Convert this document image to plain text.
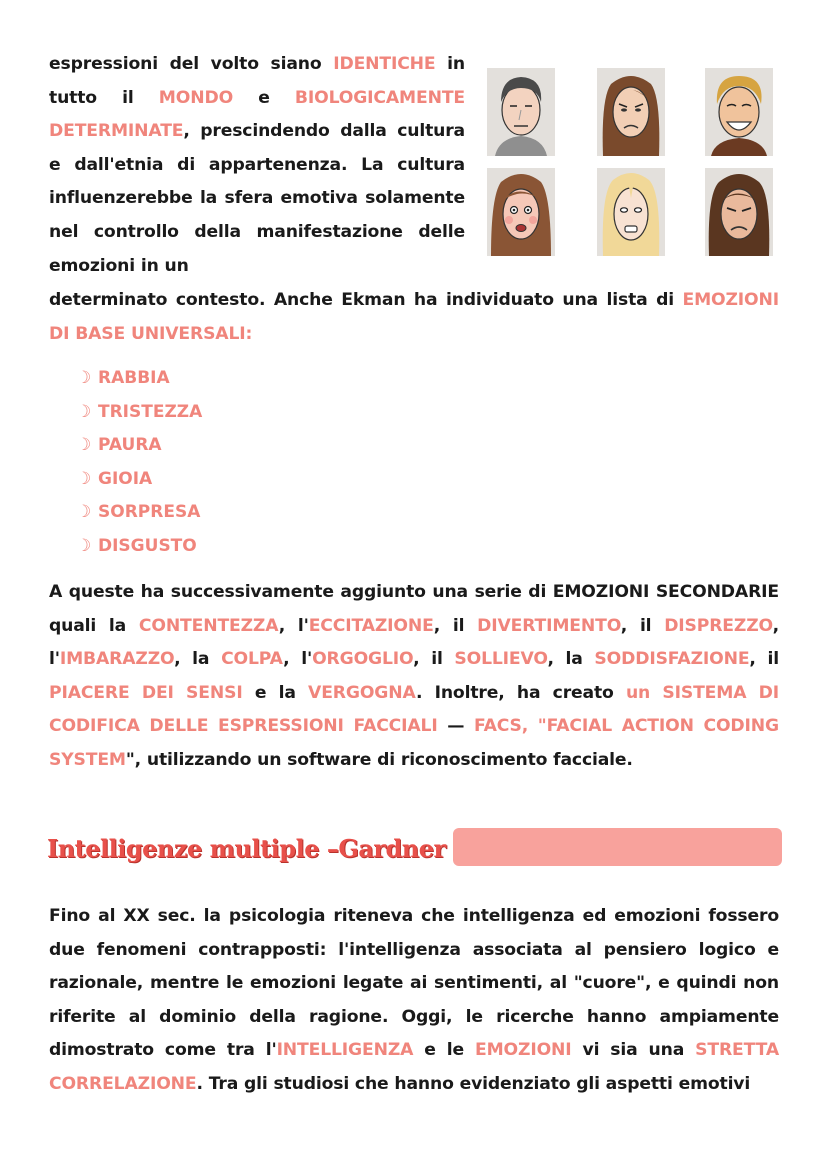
espressioni del volto siano IDENTICHE in tutto il MONDO e BIOLOGICAMENTE DETERMINATE, prescindendo dalla cultura e dall'etnia di appartenenza. La cultura influenzerebbe la sfera emotiva solamente nel controllo della manifestazione delle emozioni in un
determinato contesto. Anche Ekman ha individuato una lista di EMOZIONI DI BASE UNIVERSALI:
☽ RABBIA
☽ TRISTEZZA
☽ PAURA
☽ GIOIA
☽ SORPRESA
☽ DISGUSTO
A queste ha successivamente aggiunto una serie di EMOZIONI SECONDARIE quali la CONTENTEZZA, l'ECCITAZIONE, il DIVERTIMENTO, il DISPREZZO, l'IMBARAZZO, la COLPA, l'ORGOGLIO, il SOLLIEVO, la SODDISFAZIONE, il PIACERE DEI SENSI e la VERGOGNA. Inoltre, ha creato un SISTEMA DI CODIFICA DELLE ESPRESSIONI FACCIALI — FACS, "FACIAL ACTION CODING SYSTEM", utilizzando un software di riconoscimento facciale.
Intelligenze multiple –Gardner
Fino al XX sec. la psicologia riteneva che intelligenza ed emozioni fossero due fenomeni contrapposti: l'intelligenza associata al pensiero logico e razionale, mentre le emozioni legate ai sentimenti, al "cuore", e quindi non riferite al dominio della ragione. Oggi, le ricerche hanno ampiamente dimostrato come tra l'INTELLIGENZA e le EMOZIONI vi sia una STRETTA CORRELAZIONE. Tra gli studiosi che hanno evidenziato gli aspetti emotivi
